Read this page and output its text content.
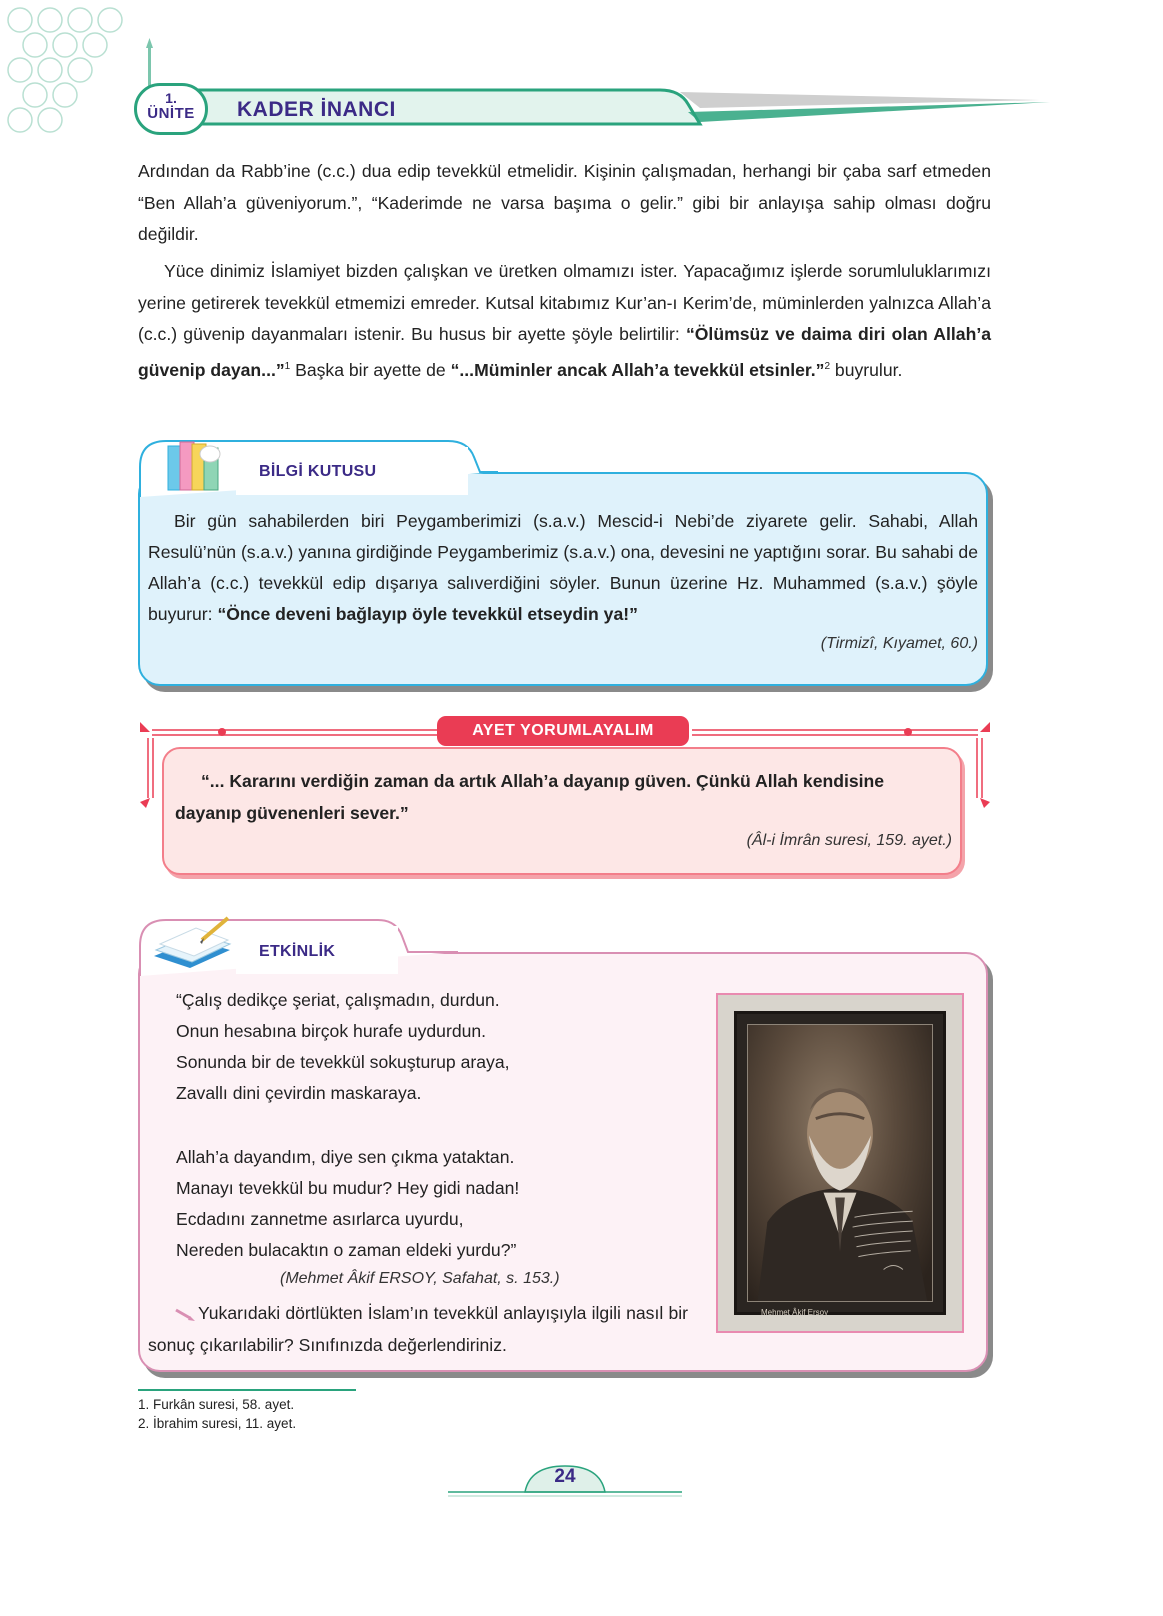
1.
ÜNİTE	KADER İNANCI

Ardından da Rabb’ine (c.c.) dua edip tevekkül etmelidir. Kişinin çalışmadan, herhangi bir çaba sarf etmeden “Ben Allah’a güveniyorum.”, “Kaderimde ne varsa başıma o gelir.” gibi bir anlayışa sahip olması doğru değildir.

Yüce dinimiz İslamiyet bizden çalışkan ve üretken olmamızı ister. Yapacağımız işlerde sorumluluklarımızı yerine getirerek tevekkül etmemizi emreder. Kutsal kitabımız Kur’an-ı Kerim’de, müminlerden yalnızca Allah’a (c.c.) güvenip dayanmaları istenir. Bu husus bir ayette şöyle belirtilir: “Ölümsüz ve daima diri olan Allah’a güvenip dayan...”$^1$ Başka bir ayette de “...Müminler ancak Allah’a tevekkül etsinler.”$^2$ buyrulur.

BİLGİ KUTUSU

Bir gün sahabilerden biri Peygamberimizi (s.a.v.) Mescid-i Nebi’de ziyarete gelir. Sahabi, Allah Resulü’nün (s.a.v.) yanına girdiğinde Peygamberimiz (s.a.v.) ona, devesini ne yaptığını sorar. Bu sahabi de Allah’a (c.c.) tevekkül edip dışarıya salıverdiğini söyler. Bunun üzerine Hz. Muhammed (s.a.v.) şöyle buyurur: “Önce deveni bağlayıp öyle tevekkül etseydin ya!”

(Tirmizî, Kıyamet, 60.)
AYET YORUMLAYALIM

“... Kararını verdiğin zaman da artık Allah’a dayanıp güven. Çünkü Allah kendisine dayanıp güvenenleri sever.”

(Âl-i İmrân suresi, 159. ayet.)
ETKİNLİK
“Çalış dedikçe şeriat, çalışmadın, durdun.
Onun hesabına birçok hurafe uydurdun.
Sonunda bir de tevekkül sokuşturup araya,
Zavallı dini çevirdin maskaraya.
Allah’a dayandım, diye sen çıkma yataktan.
Manayı tevekkül bu mudur? Hey gidi nadan!
Ecdadını zannetme asırlarca uyurdu,
Nereden bulacaktın o zaman eldeki yurdu?”
(Mehmet Âkif ERSOY, Safahat, s. 153.)

Yukarıdaki dörtlükten İslam’ın tevekkül anlayışıyla ilgili nasıl bir sonuç çıkarılabilir? Sınıfınızda değerlendiriniz.

Mehmet Âkif Ersoy

1. Furkân suresi, 58. ayet.

2. İbrahim suresi, 11. ayet.

24
